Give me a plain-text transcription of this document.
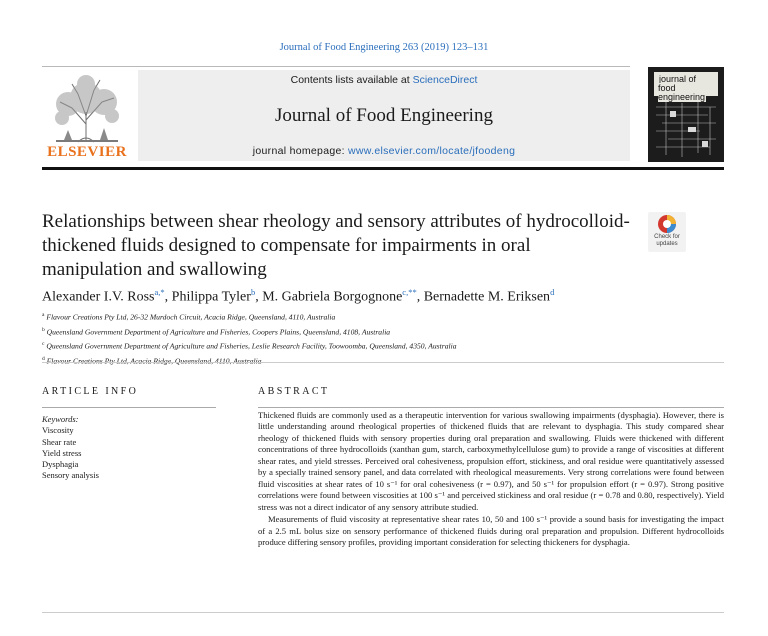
Journal of Food Engineering 263 (2019) 123–131
ELSEVIER
Contents lists available at ScienceDirect
Journal of Food Engineering
journal homepage: www.elsevier.com/locate/jfoodeng
journal of food engineering
Relationships between shear rheology and sensory attributes of hydrocolloid-thickened fluids designed to compensate for impairments in oral manipulation and swallowing
Check for
updates
Alexander I.V. Ross$^{a,*}$, Philippa Tyler$^b$, M. Gabriela Borgognone$^{c,**}$, Bernadette M. Eriksen$^d$
$^a$ Flavour Creations Pty Ltd, 26-32 Murdoch Circuit, Acacia Ridge, Queensland, 4110, Australia
$^b$ Queensland Government Department of Agriculture and Fisheries, Coopers Plains, Queensland, 4108, Australia
$^c$ Queensland Government Department of Agriculture and Fisheries, Leslie Research Facility, Toowoomba, Queensland, 4350, Australia
$^d$
ARTICLE INFO	ABSTRACT
Keywords:
Viscosity
Shear rate
Yield stress
Dysphagia
Sensory analysis

Thickened fluids are commonly used as a therapeutic intervention for various swallowing impairments (dysphagia). However, there is little understanding around rheological properties of thickened fluids that are relevant to dysphagia. This study compared shear rheology of thickened fluids with sensory properties during oral preparation and swallowing. Fluids were thickened with different concentrations of three hydrocolloids (xanthan gum, starch, carboxymethylcellulose gum) to provide a range of viscosities at different shear rates, and yield stresses. Perceived oral cohesiveness, propulsion effort, stickiness, and oral residue were quantitatively assessed by a specially trained sensory panel, and data correlated with rheological measurements. Very strong correlations were found between fluid viscosities at shear rates of 10 s⁻¹ for oral cohesiveness (r = 0.97), and 50 s⁻¹ for propulsion effort (r = 0.97). Strong positive correlations were found between viscosities at 100 s⁻¹ and perceived stickiness and oral residue (r = 0.78 and 0.80, respectively). Yield stress was not a direct indicator of any sensory attribute studied.

Measurements of fluid viscosity at representative shear rates 10, 50 and 100 s⁻¹ provide a sound basis for investigating the impact of a 2.5 mL bolus size on sensory performance of thickened fluids during oral preparation and propulsion. Different hydrocolloids produce differing sensory profiles, providing important consideration for selecting thickeners for dysphagia.
